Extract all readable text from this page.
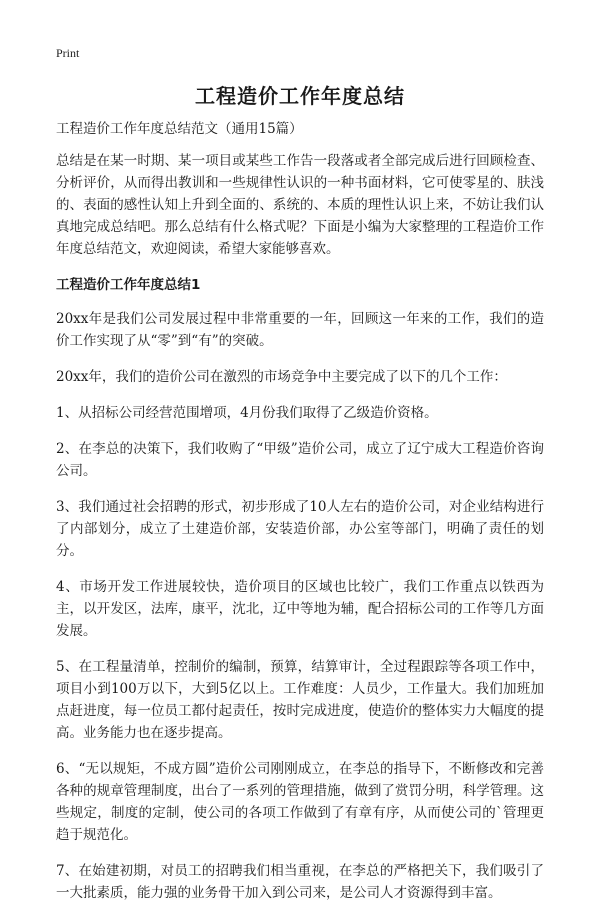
Print
工程造价工作年度总结

工程造价工作年度总结范文（通用15篇）

总结是在某一时期、某一项目或某些工作告一段落或者全部完成后进行回顾检查、分析评价，从而得出教训和一些规律性认识的一种书面材料，它可使零星的、肤浅的、表面的感性认知上升到全面的、系统的、本质的理性认识上来，不妨让我们认真地完成总结吧。那么总结有什么格式呢？下面是小编为大家整理的工程造价工作年度总结范文，欢迎阅读，希望大家能够喜欢。

工程造价工作年度总结1

20xx年是我们公司发展过程中非常重要的一年，回顾这一年来的工作，我们的造价工作实现了从“零”到“有”的突破。

20xx年，我们的造价公司在激烈的市场竞争中主要完成了以下的几个工作：

1、从招标公司经营范围增项，4月份我们取得了乙级造价资格。

2、在李总的决策下，我们收购了“甲级”造价公司，成立了辽宁成大工程造价咨询公司。

3、我们通过社会招聘的形式，初步形成了10人左右的造价公司，对企业结构进行了内部划分，成立了土建造价部，安装造价部，办公室等部门，明确了责任的划分。

4、市场开发工作进展较快，造价项目的区域也比较广，我们工作重点以铁西为主，以开发区，法库，康平，沈北，辽中等地为辅，配合招标公司的工作等几方面发展。

5、在工程量清单，控制价的编制，预算，结算审计，全过程跟踪等各项工作中，项目小到100万以下，大到5亿以上。工作难度：人员少，工作量大。我们加班加点赶进度，每一位员工都付起责任，按时完成进度，使造价的整体实力大幅度的提高。业务能力也在逐步提高。

6、“无以规矩，不成方圆”造价公司刚刚成立，在李总的指导下，不断修改和完善各种的规章管理制度，出台了一系列的管理措施，做到了赏罚分明，科学管理。这些规定，制度的定制，使公司的各项工作做到了有章有序，从而使公司的`管理更趋于规范化。

7、在始建初期，对员工的招聘我们相当重视，在李总的严格把关下，我们吸引了一大批素质，能力强的业务骨干加入到公司来，是公司人才资源得到丰富。
